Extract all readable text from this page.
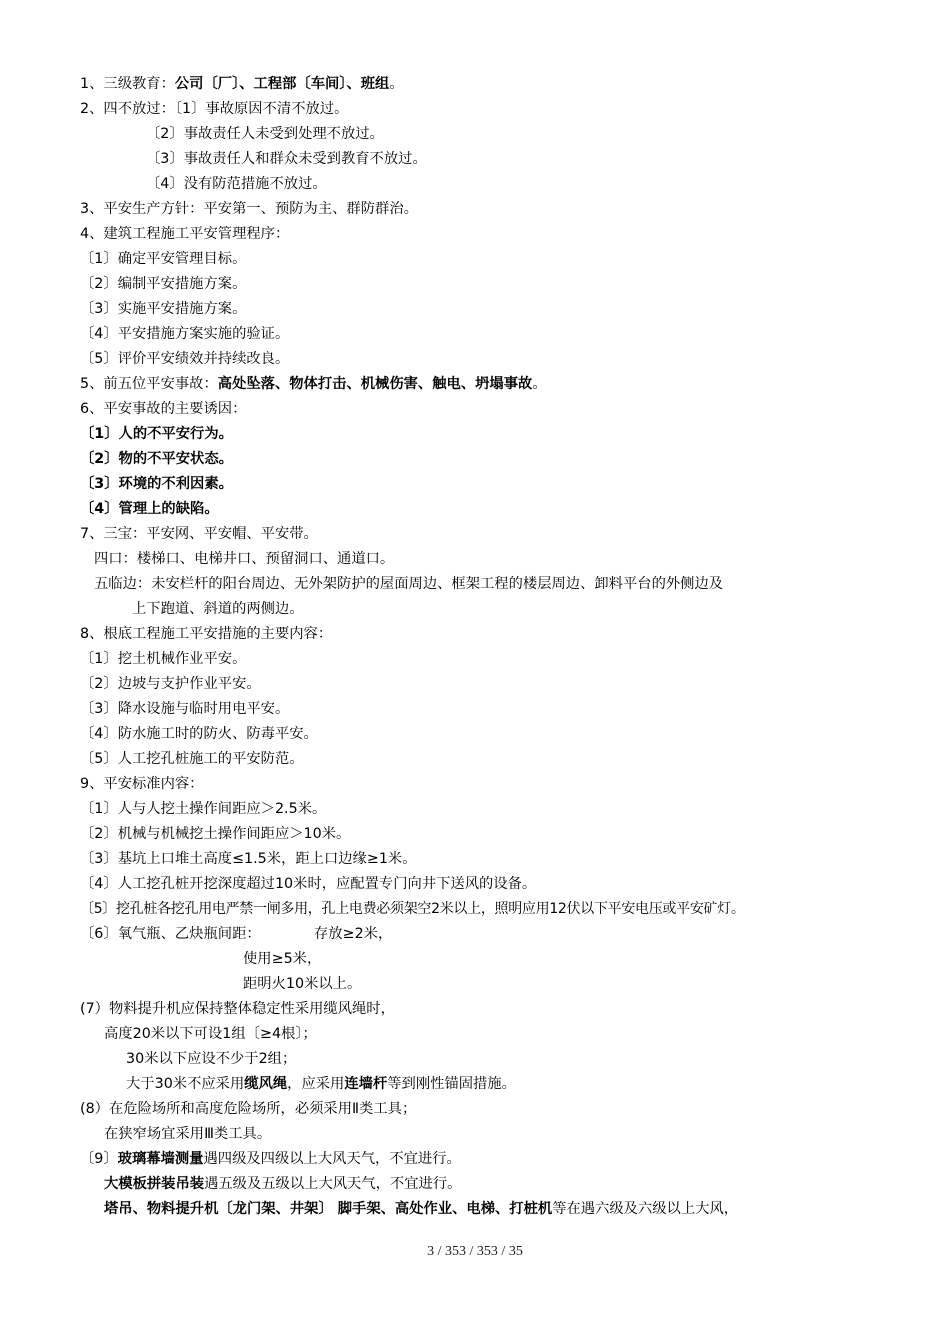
1、三级教育：公司〔厂〕、工程部〔车间〕、班组。
2、四不放过：〔1〕事故原因不清不放过。
〔2〕事故责任人未受到处理不放过。
〔3〕事故责任人和群众未受到教育不放过。
〔4〕没有防范措施不放过。
3、平安生产方针：平安第一、预防为主、群防群治。
4、建筑工程施工平安管理程序：
〔1〕确定平安管理目标。
〔2〕编制平安措施方案。
〔3〕实施平安措施方案。
〔4〕平安措施方案实施的验证。
〔5〕评价平安绩效并持续改良。
5、前五位平安事故：高处坠落、物体打击、机械伤害、触电、坍塌事故。
6、平安事故的主要诱因：
〔1〕人的不平安行为。
〔2〕物的不平安状态。
〔3〕环境的不利因素。
〔4〕管理上的缺陷。
7、三宝：平安网、平安帽、平安带。
四口：楼梯口、电梯井口、预留洞口、通道口。
五临边：未安栏杆的阳台周边、无外架防护的屋面周边、框架工程的楼层周边、卸料平台的外侧边及
上下跑道、斜道的两侧边。
8、根底工程施工平安措施的主要内容：
〔1〕挖土机械作业平安。
〔2〕边坡与支护作业平安。
〔3〕降水设施与临时用电平安。
〔4〕防水施工时的防火、防毒平安。
〔5〕人工挖孔桩施工的平安防范。
9、平安标准内容：
〔1〕人与人挖土操作间距应＞2.5米。
〔2〕机械与机械挖土操作间距应＞10米。
〔3〕基坑上口堆土高度≤1.5米，距上口边缘≥1米。
〔4〕人工挖孔桩开挖深度超过10米时，应配置专门向井下送风的设备。
〔5〕挖孔桩各挖孔用电严禁一闸多用，孔上电费必须架空2米以上，照明应用12伏以下平安电压或平安矿灯。
〔6〕氧气瓶、乙炔瓶间距：	存放≥2米，
使用≥5米，
距明火10米以上。
(7）物料提升机应保持整体稳定性采用缆风绳时，
高度20米以下可设1组〔≥4根〕；
30米以下应设不少于2组；
大于30米不应采用缆风绳，应采用连墙杆等到刚性锚固措施。
(8）在危险场所和高度危险场所，必须采用Ⅱ类工具；
在狭窄场宜采用Ⅲ类工具。
〔9〕玻璃幕墙测量遇四级及四级以上大风天气，不宜进行。
大模板拼装吊装遇五级及五级以上大风天气，不宜进行。
塔吊、物料提升机〔龙门架、井架〕 脚手架、高处作业、电梯、打桩机等在遇六级及六级以上大风，
3 / 353 / 353 / 35
